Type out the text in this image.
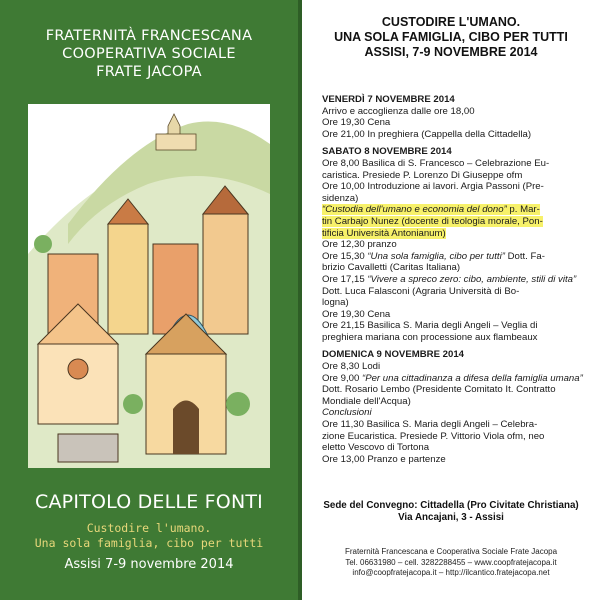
FRATERNITÀ FRANCESCANA
COOPERATIVA SOCIALE
FRATE JACOPA
CAPITOLO DELLE FONTI
Custodire l'umano.
Una sola famiglia, cibo per tutti
Assisi 7-9 novembre 2014
CUSTODIRE L'UMANO.
UNA SOLA FAMIGLIA, CIBO PER TUTTI
ASSISI, 7-9 NOVEMBRE 2014
VENERDÌ 7 NOVEMBRE 2014
Arrivo e accoglienza dalle ore 18,00
Ore 19,30 Cena
Ore 21,00 In preghiera (Cappella della Cittadella)
SABATO 8 NOVEMBRE 2014
Ore 8,00 Basilica di S. Francesco – Celebrazione Eu-
caristica. Presiede P. Lorenzo Di Giuseppe ofm
Ore 10,00 Introduzione ai lavori. Argia Passoni (Pre-
sidenza)
“Custodia dell'umano e economia del dono” p. Mar-
tin Carbajo Nunez (docente di teologia morale, Pon-
tificia Università Antonianum)
Ore 12,30 pranzo
Ore 15,30 “Una sola famiglia, cibo per tutti” Dott. Fa-
brizio Cavalletti (Caritas Italiana)
Ore 17,15 “Vivere a spreco zero: cibo, ambiente, stili di vita” Dott. Luca Falasconi (Agraria Università di Bo-
logna)
Ore 19,30 Cena
Ore 21,15 Basilica S. Maria degli Angeli – Veglia di
preghiera mariana con processione aux flambeaux
DOMENICA 9 NOVEMBRE 2014
Ore 8,30 Lodi
Ore 9,00 “Per una cittadinanza a difesa della famiglia umana” Dott. Rosario Lembo (Presidente Comitato It. Contratto Mondiale dell'Acqua)
Conclusioni
Ore 11,30 Basilica S. Maria degli Angeli – Celebra-
zione Eucaristica. Presiede P. Vittorio Viola ofm, neo
eletto Vescovo di Tortona
Ore 13,00 Pranzo e partenze
Sede del Convegno: Cittadella (Pro Civitate Christiana)
Via Ancajani, 3 - Assisi
Fraternità Francescana e Cooperativa Sociale Frate Jacopa
Tel. 06631980 – cell. 3282288455 – www.coopfratejacopa.it
info@coopfratejacopa.it – http://ilcantico.fratejacopa.net
